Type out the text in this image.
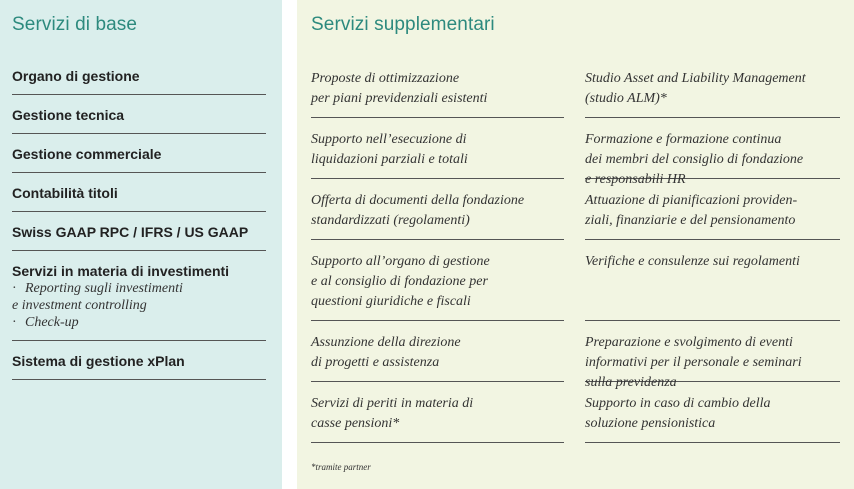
Servizi di base
Organo di gestione
Gestione tecnica
Gestione commerciale
Contabilità titoli
Swiss GAAP RPC / IFRS / US GAAP
Servizi in materia di investimenti
· Reporting sugli investimenti
e investment controlling
· Check-up
Sistema di gestione xPlan
Servizi supplementari
Proposte di ottimizzazione
per piani previdenziali esistenti
Supporto nell’esecuzione di
liquidazioni parziali e totali
Offerta di documenti della fondazione
standardizzati (regolamenti)
Supporto all’organo di gestione
e al consiglio di fondazione per
questioni giuridiche e fiscali
Assunzione della direzione
di progetti e assistenza
Servizi di periti in materia di
casse pensioni*
Studio Asset and Liability Management
(studio ALM)*
Formazione e formazione continua
dei membri del consiglio di fondazione
e responsabili HR
Attuazione di pianificazioni providen-
ziali, finanziarie e del pensionamento
Verifiche e consulenze sui regolamenti
Preparazione e svolgimento di eventi
informativi per il personale e seminari
sulla previdenza
Supporto in caso di cambio della
soluzione pensionistica
*tramite partner
